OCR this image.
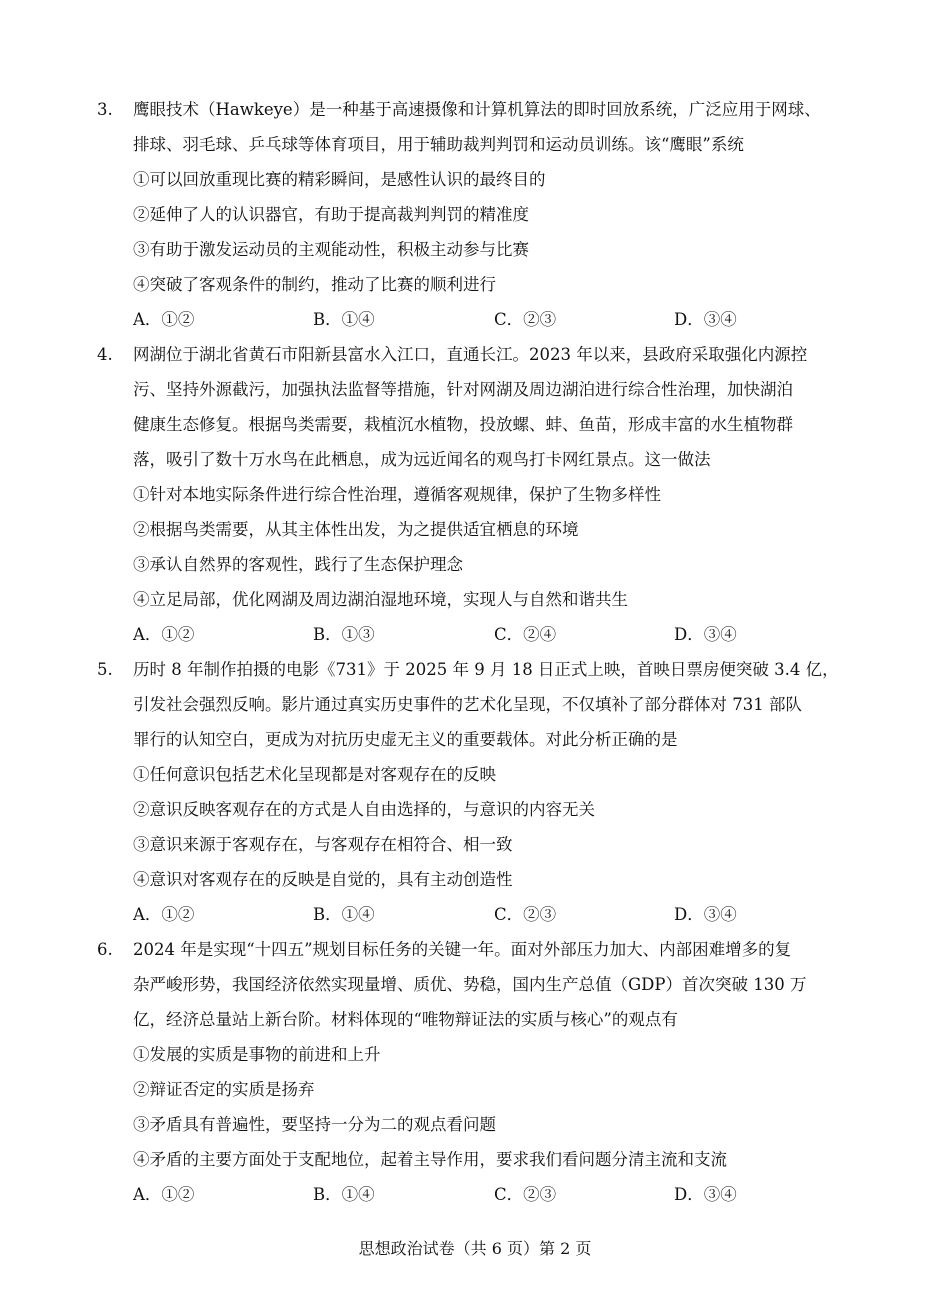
3. 鹰眼技术（Hawkeye）是一种基于高速摄像和计算机算法的即时回放系统，广泛应用于网球、
排球、羽毛球、乒乓球等体育项目，用于辅助裁判判罚和运动员训练。该“鹰眼”系统
①可以回放重现比赛的精彩瞬间，是感性认识的最终目的
②延伸了人的认识器官，有助于提高裁判判罚的精准度
③有助于激发运动员的主观能动性，积极主动参与比赛
④突破了客观条件的制约，推动了比赛的顺利进行
A．①②	B．①④	C．②③	D．③④
4. 网湖位于湖北省黄石市阳新县富水入江口，直通长江。2023 年以来，县政府采取强化内源控
污、坚持外源截污，加强执法监督等措施，针对网湖及周边湖泊进行综合性治理，加快湖泊
健康生态修复。根据鸟类需要，栽植沉水植物，投放螺、蚌、鱼苗，形成丰富的水生植物群
落，吸引了数十万水鸟在此栖息，成为远近闻名的观鸟打卡网红景点。这一做法
①针对本地实际条件进行综合性治理，遵循客观规律，保护了生物多样性
②根据鸟类需要，从其主体性出发，为之提供适宜栖息的环境
③承认自然界的客观性，践行了生态保护理念
④立足局部，优化网湖及周边湖泊湿地环境，实现人与自然和谐共生
A．①②	B．①③	C．②④	D．③④
5. 历时 8 年制作拍摄的电影《731》于 2025 年 9 月 18 日正式上映，首映日票房便突破 3.4 亿，
引发社会强烈反响。影片通过真实历史事件的艺术化呈现，不仅填补了部分群体对 731 部队
罪行的认知空白，更成为对抗历史虚无主义的重要载体。对此分析正确的是
①任何意识包括艺术化呈现都是对客观存在的反映
②意识反映客观存在的方式是人自由选择的，与意识的内容无关
③意识来源于客观存在，与客观存在相符合、相一致
④意识对客观存在的反映是自觉的，具有主动创造性
A．①②	B．①④	C．②③	D．③④
6. 2024 年是实现“十四五”规划目标任务的关键一年。面对外部压力加大、内部困难增多的复
杂严峻形势，我国经济依然实现量增、质优、势稳，国内生产总值（GDP）首次突破 130 万
亿，经济总量站上新台阶。材料体现的“唯物辩证法的实质与核心”的观点有
①发展的实质是事物的前进和上升
②辩证否定的实质是扬弃
③矛盾具有普遍性，要坚持一分为二的观点看问题
④矛盾的主要方面处于支配地位，起着主导作用，要求我们看问题分清主流和支流
A．①②	B．①④	C．②③	D．③④
思想政治试卷（共 6 页）第 2 页
